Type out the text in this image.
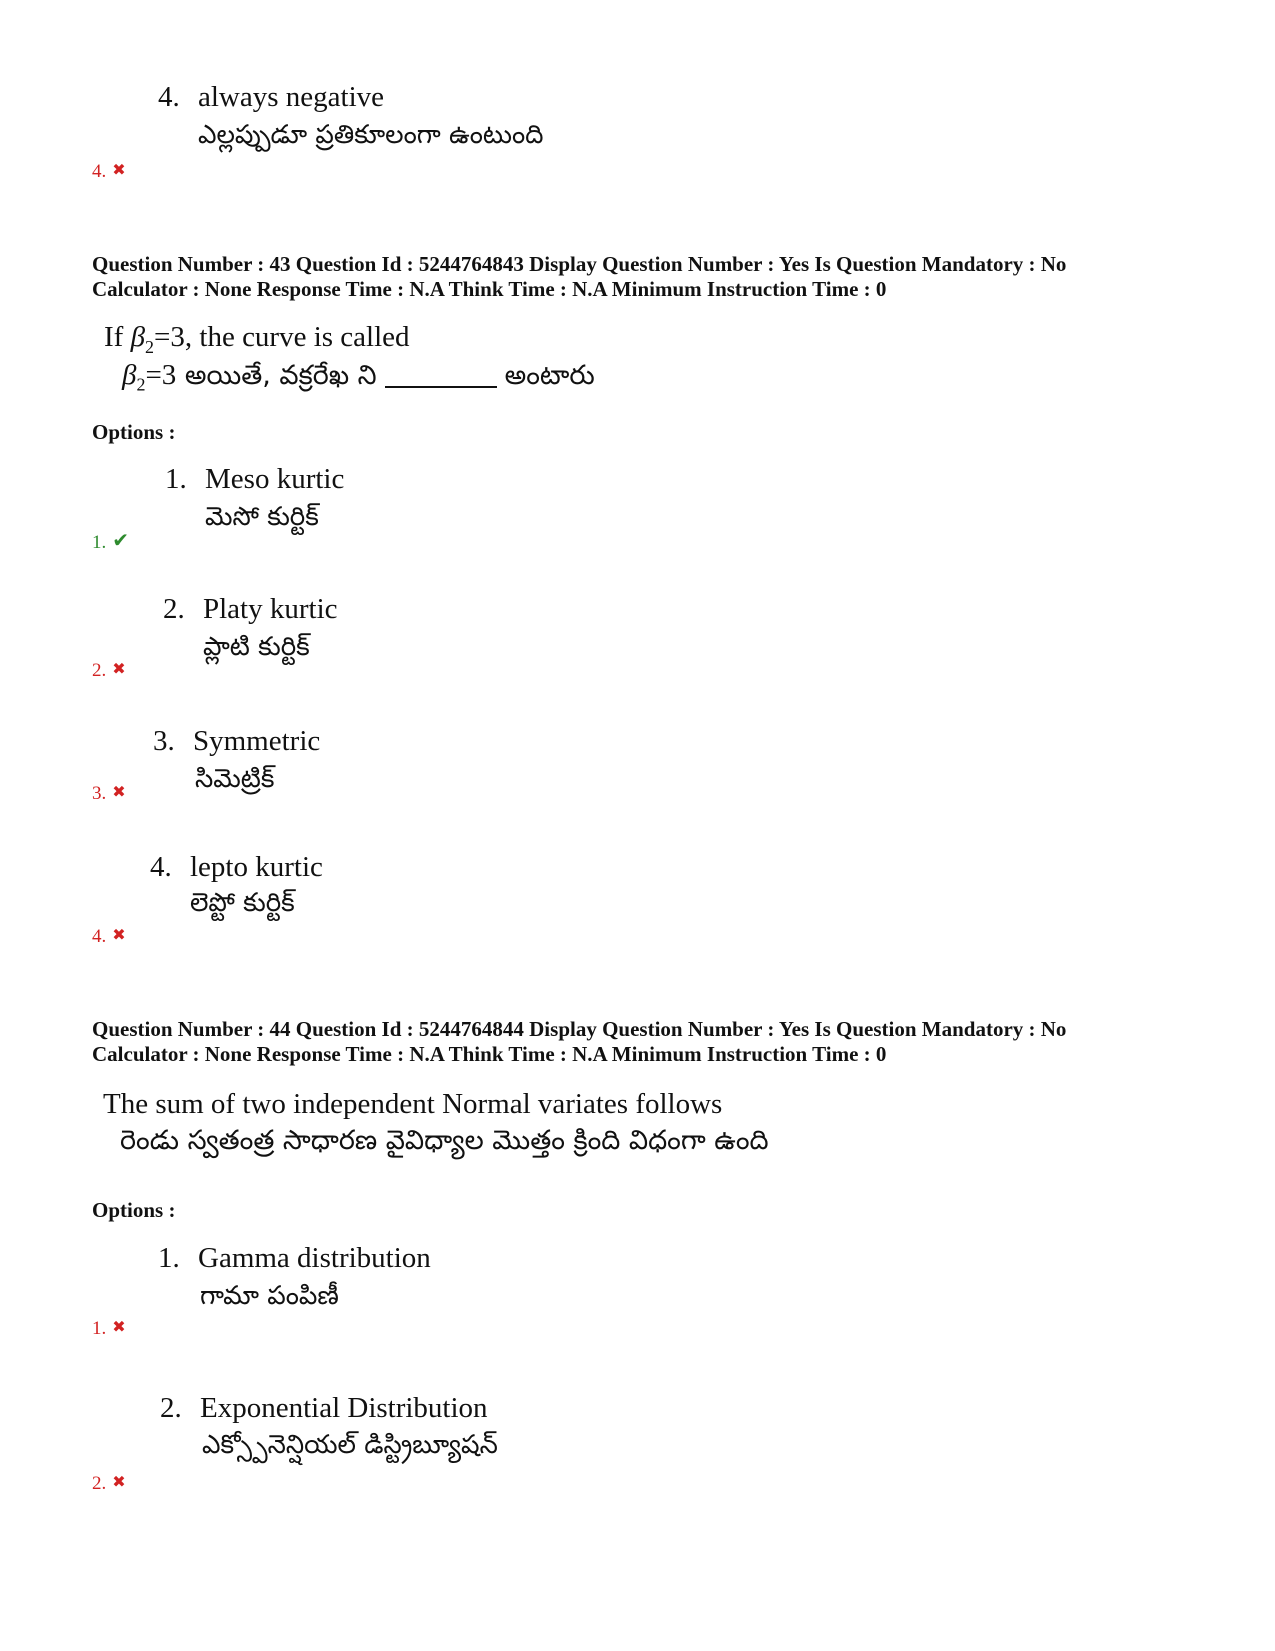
4. always negative
ఎల్లప్పుడూ ప్రతికూలంగా ఉంటుంది
4. ✖
Question Number : 43 Question Id : 5244764843 Display Question Number : Yes Is Question Mandatory : No
Calculator : None Response Time : N.A Think Time : N.A Minimum Instruction Time : 0
If $\beta_2=3$, the curve is called
$\beta_2=3$ అయితే, వక్రరేఖ ని	అంటారు
Options :
1. Meso kurtic
మెసో కుర్టిక్
1. ✔
2. Platy kurtic
ప్లాటి కుర్టిక్
2. ✖
3. Symmetric
సిమెట్రిక్
3. ✖
4. lepto kurtic
లెప్టో కుర్టిక్
4. ✖
Question Number : 44 Question Id : 5244764844 Display Question Number : Yes Is Question Mandatory : No
Calculator : None Response Time : N.A Think Time : N.A Minimum Instruction Time : 0
The sum of two independent Normal variates follows
రెండు స్వతంత్ర సాధారణ వైవిధ్యాల మొత్తం క్రింది విధంగా ఉంది
Options :
1. Gamma distribution
గామా పంపిణీ
1. ✖
2. Exponential Distribution
ఎక్స్పోనెన్షియల్ డిస్ట్రిబ్యూషన్
2. ✖
